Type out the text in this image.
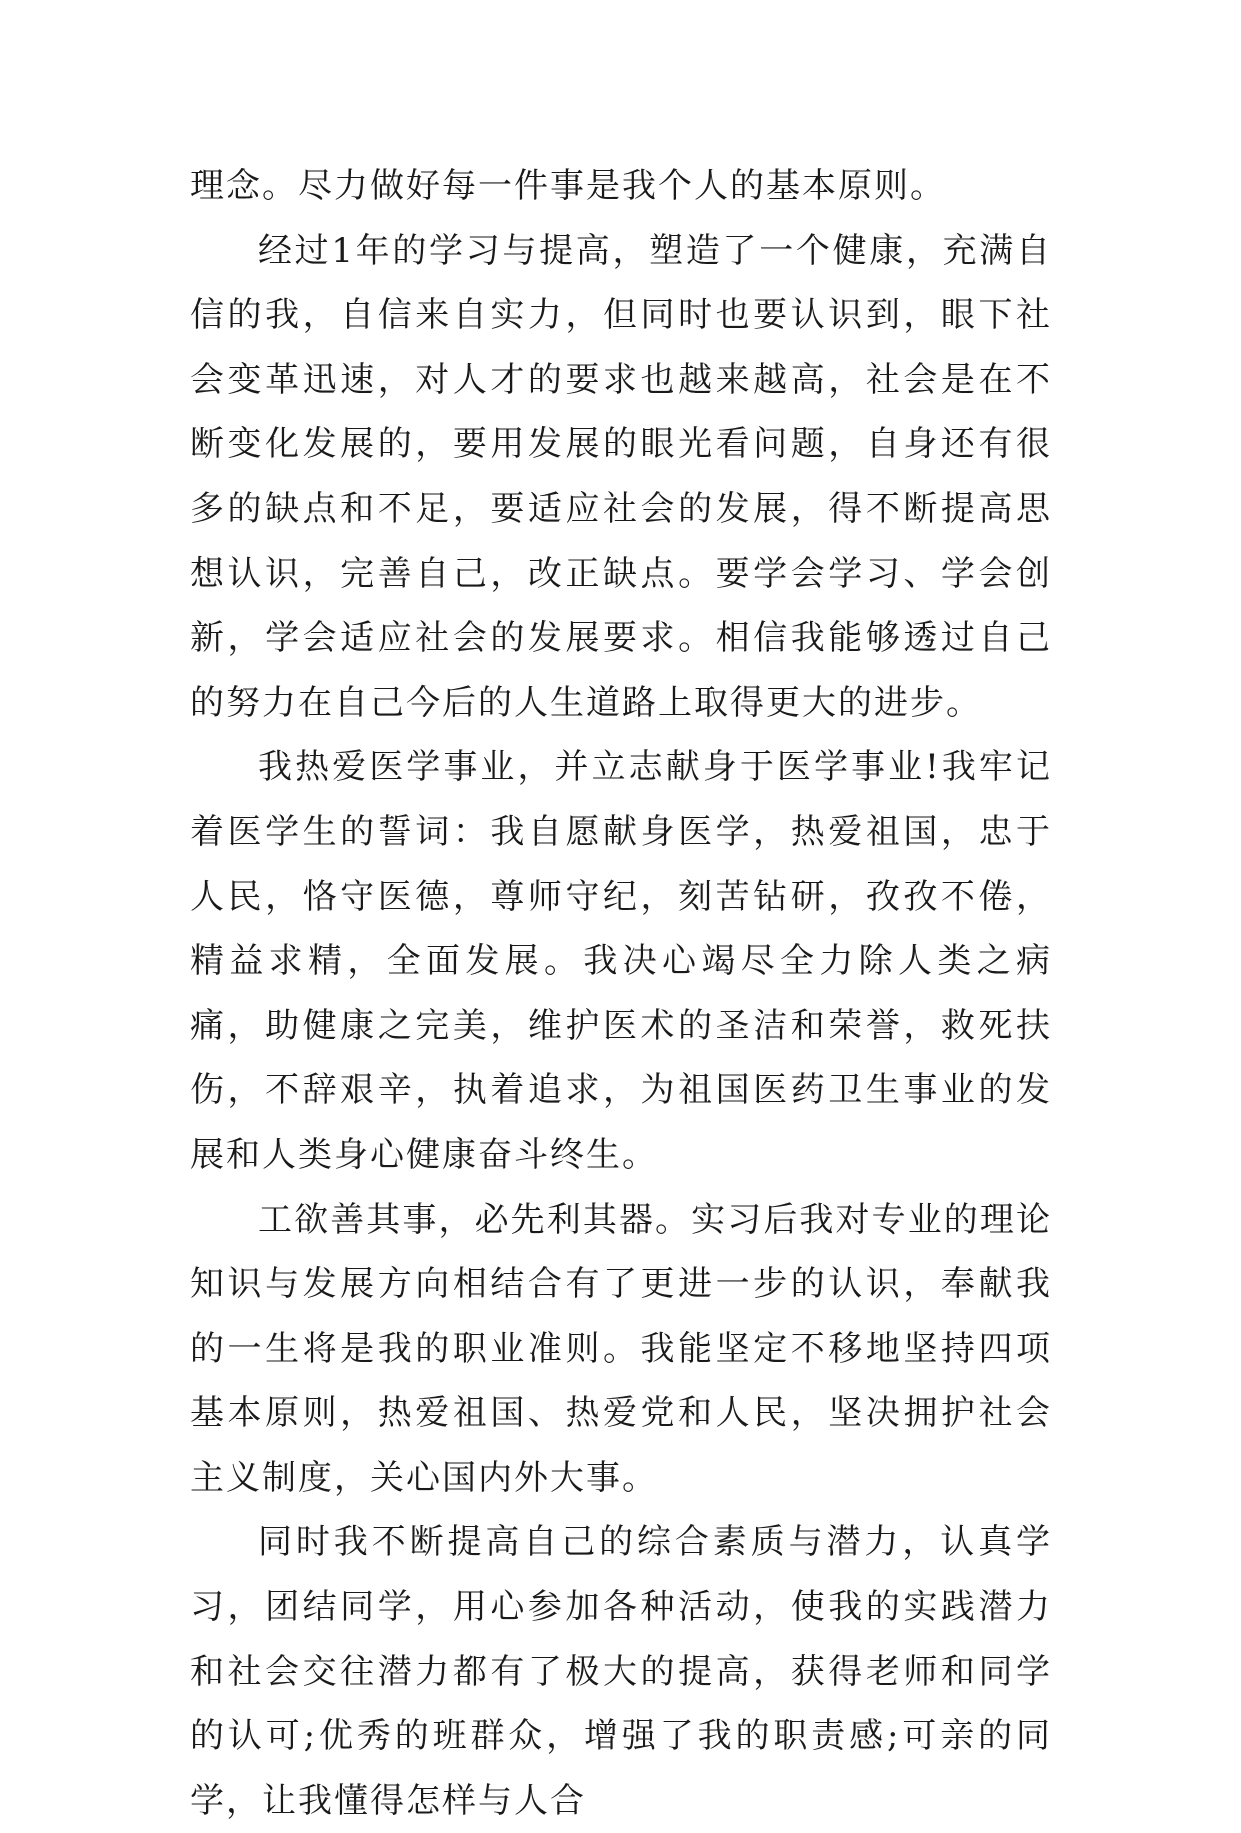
理念。尽力做好每一件事是我个人的基本原则。

经过1年的学习与提高，塑造了一个健康，充满自信的我，自信来自实力，但同时也要认识到，眼下社会变革迅速，对人才的要求也越来越高，社会是在不断变化发展的，要用发展的眼光看问题，自身还有很多的缺点和不足，要适应社会的发展，得不断提高思想认识，完善自己，改正缺点。要学会学习、学会创新，学会适应社会的发展要求。相信我能够透过自己的努力在自己今后的人生道路上取得更大的进步。

我热爱医学事业，并立志献身于医学事业!我牢记着医学生的誓词：我自愿献身医学，热爱祖国，忠于人民，恪守医德，尊师守纪，刻苦钻研，孜孜不倦，精益求精，全面发展。我决心竭尽全力除人类之病痛，助健康之完美，维护医术的圣洁和荣誉，救死扶伤，不辞艰辛，执着追求，为祖国医药卫生事业的发展和人类身心健康奋斗终生。

工欲善其事，必先利其器。实习后我对专业的理论知识与发展方向相结合有了更进一步的认识，奉献我的一生将是我的职业准则。我能坚定不移地坚持四项基本原则，热爱祖国、热爱党和人民，坚决拥护社会主义制度，关心国内外大事。

同时我不断提高自己的综合素质与潜力，认真学习，团结同学，用心参加各种活动，使我的实践潜力和社会交往潜力都有了极大的提高，获得老师和同学的认可;优秀的班群众，增强了我的职责感;可亲的同学，让我懂得怎样与人合
